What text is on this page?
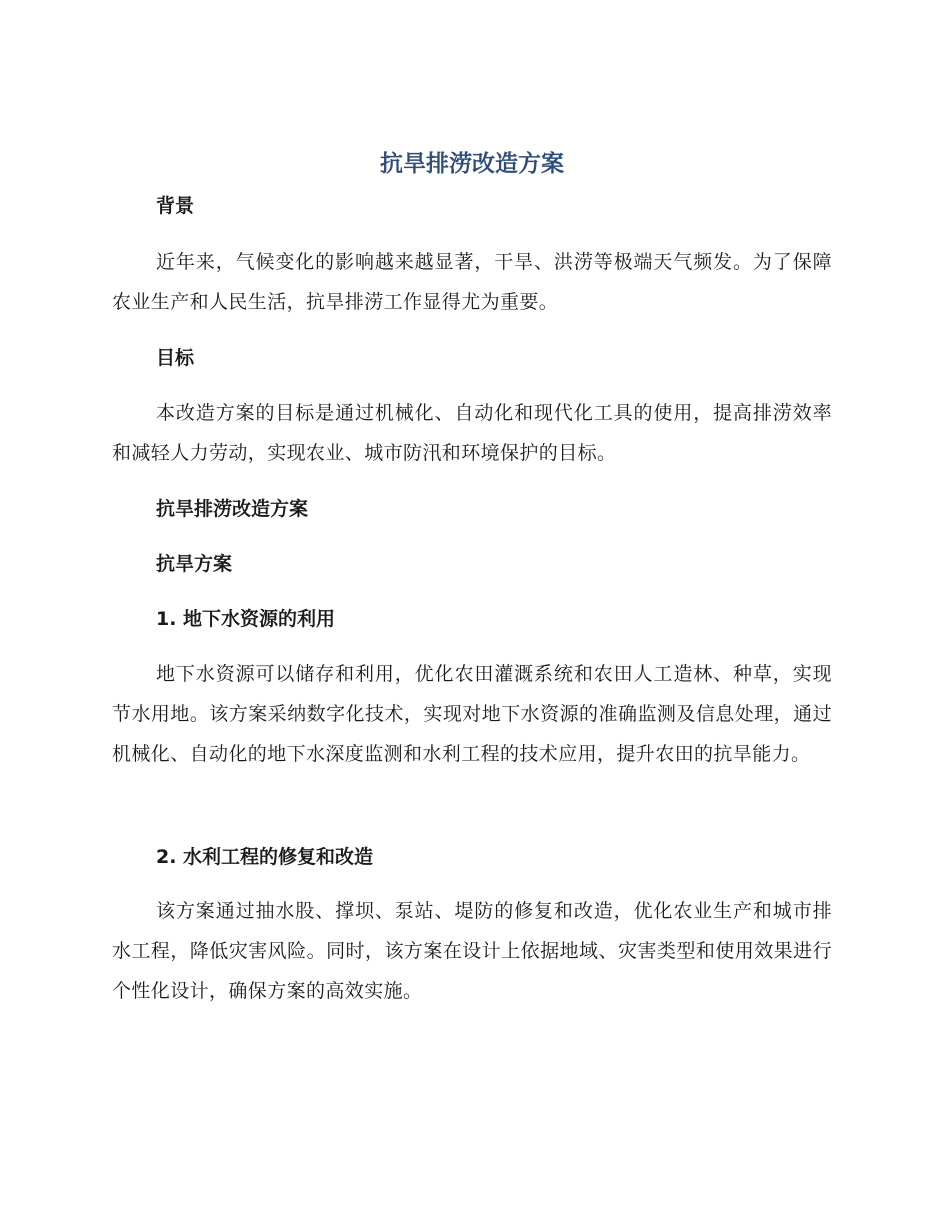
抗旱排涝改造方案
背景

近年来，气候变化的影响越来越显著，干旱、洪涝等极端天气频发。为了保障农业生产和人民生活，抗旱排涝工作显得尤为重要。

目标

本改造方案的目标是通过机械化、自动化和现代化工具的使用，提高排涝效率和减轻人力劳动，实现农业、城市防汛和环境保护的目标。

抗旱排涝改造方案
抗旱方案
1. 地下水资源的利用

地下水资源可以储存和利用，优化农田灌溉系统和农田人工造林、种草，实现节水用地。该方案采纳数字化技术，实现对地下水资源的准确监测及信息处理，通过机械化、自动化的地下水深度监测和水利工程的技术应用，提升农田的抗旱能力。

2. 水利工程的修复和改造

该方案通过抽水股、撑坝、泵站、堤防的修复和改造，优化农业生产和城市排水工程，降低灾害风险。同时，该方案在设计上依据地域、灾害类型和使用效果进行个性化设计，确保方案的高效实施。
